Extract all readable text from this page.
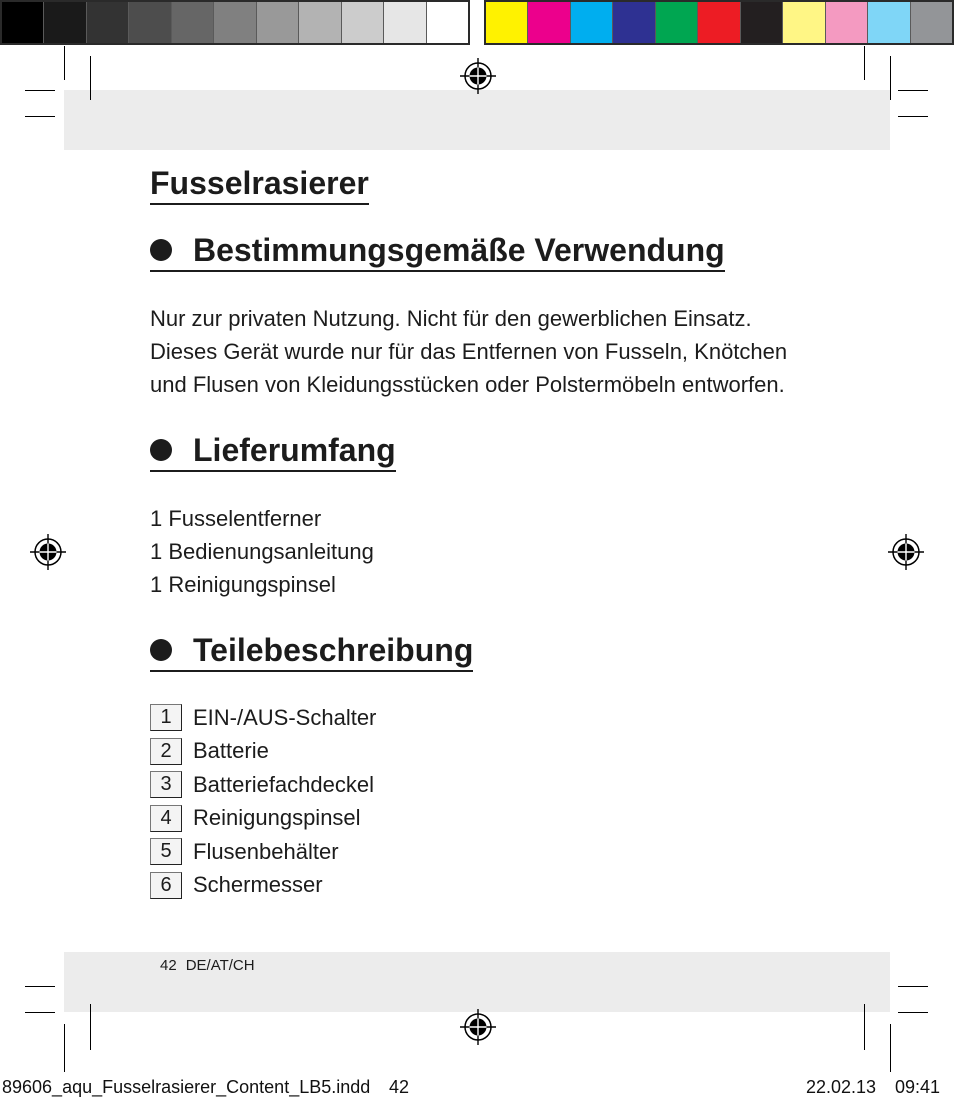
Fusselrasierer
Bestimmungsgemäße Verwendung
Nur zur privaten Nutzung. Nicht für den gewerblichen Einsatz.
Dieses Gerät wurde nur für das Entfernen von Fusseln, Knötchen
und Flusen von Kleidungsstücken oder Polstermöbeln entworfen.
Lieferumfang
1 Fusselentferner
1 Bedienungsanleitung
1 Reinigungspinsel
Teilebeschreibung
1 EIN-/AUS-Schalter
2 Batterie
3 Batteriefachdeckel
4 Reinigungspinsel
5 Flusenbehälter
6 Schermesser
42 DE/AT/CH
89606_aqu_Fusselrasierer_Content_LB5.indd 42	22.02.13 09:41
